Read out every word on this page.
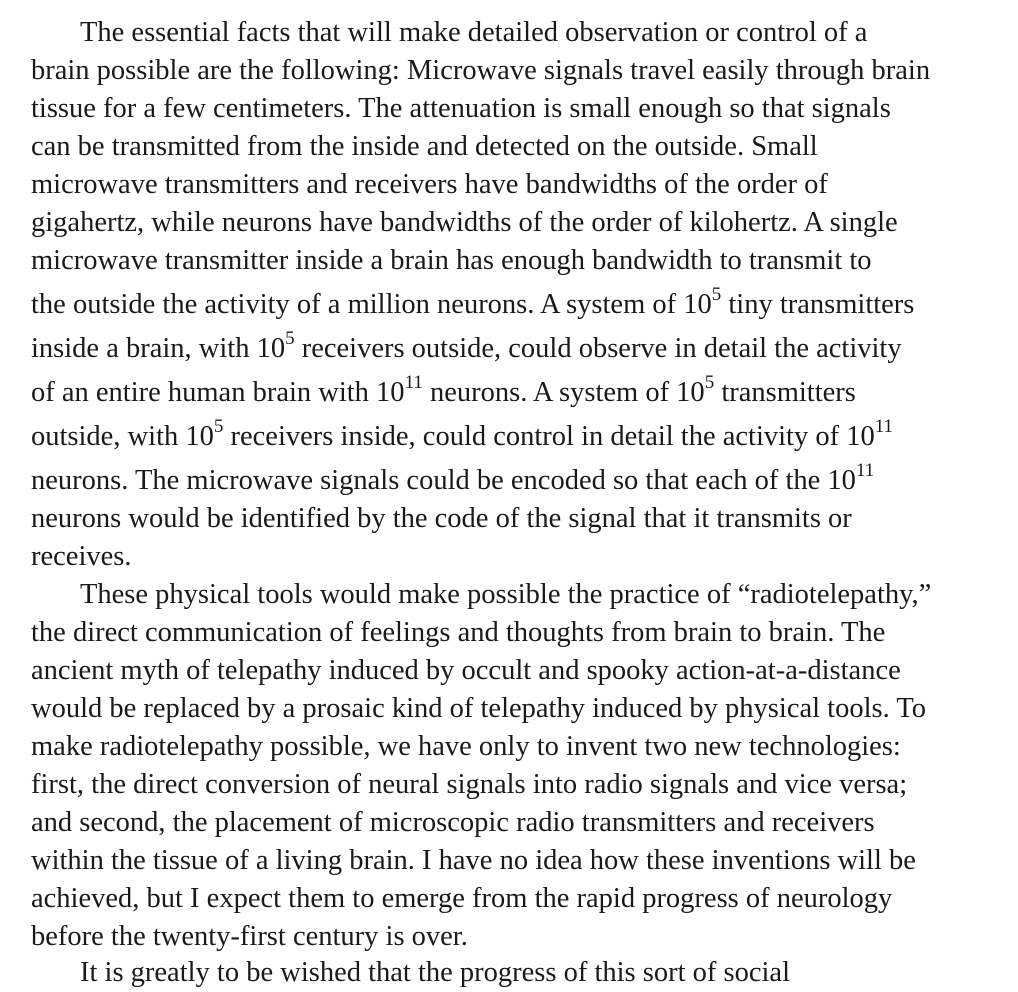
The essential facts that will make detailed observation or control of a
brain possible are the following: Microwave signals travel easily through brain
tissue for a few centimeters. The attenuation is small enough so that signals
can be transmitted from the inside and detected on the outside. Small
microwave transmitters and receivers have bandwidths of the order of
gigahertz, while neurons have bandwidths of the order of kilohertz. A single
microwave transmitter inside a brain has enough bandwidth to transmit to
the outside the activity of a million neurons. A system of $10^5$ tiny transmitters
inside a brain, with $10^5$ receivers outside, could observe in detail the activity
of an entire human brain with $10^{11}$ neurons. A system of $10^5$ transmitters
outside, with $10^5$ receivers inside, could control in detail the activity of $10^{11}$
neurons. The microwave signals could be encoded so that each of the $10^{11}$
neurons would be identified by the code of the signal that it transmits or
receives.
These physical tools would make possible the practice of “radiotelepathy,”
the direct communication of feelings and thoughts from brain to brain. The
ancient myth of telepathy induced by occult and spooky action-at-a-distance
would be replaced by a prosaic kind of telepathy induced by physical tools. To
make radiotelepathy possible, we have only to invent two new technologies:
first, the direct conversion of neural signals into radio signals and vice versa;
and second, the placement of microscopic radio transmitters and receivers
within the tissue of a living brain. I have no idea how these inventions will be
achieved, but I expect them to emerge from the rapid progress of neurology
before the twenty-first century is over.
It is greatly to be wished that the progress of this sort of social
